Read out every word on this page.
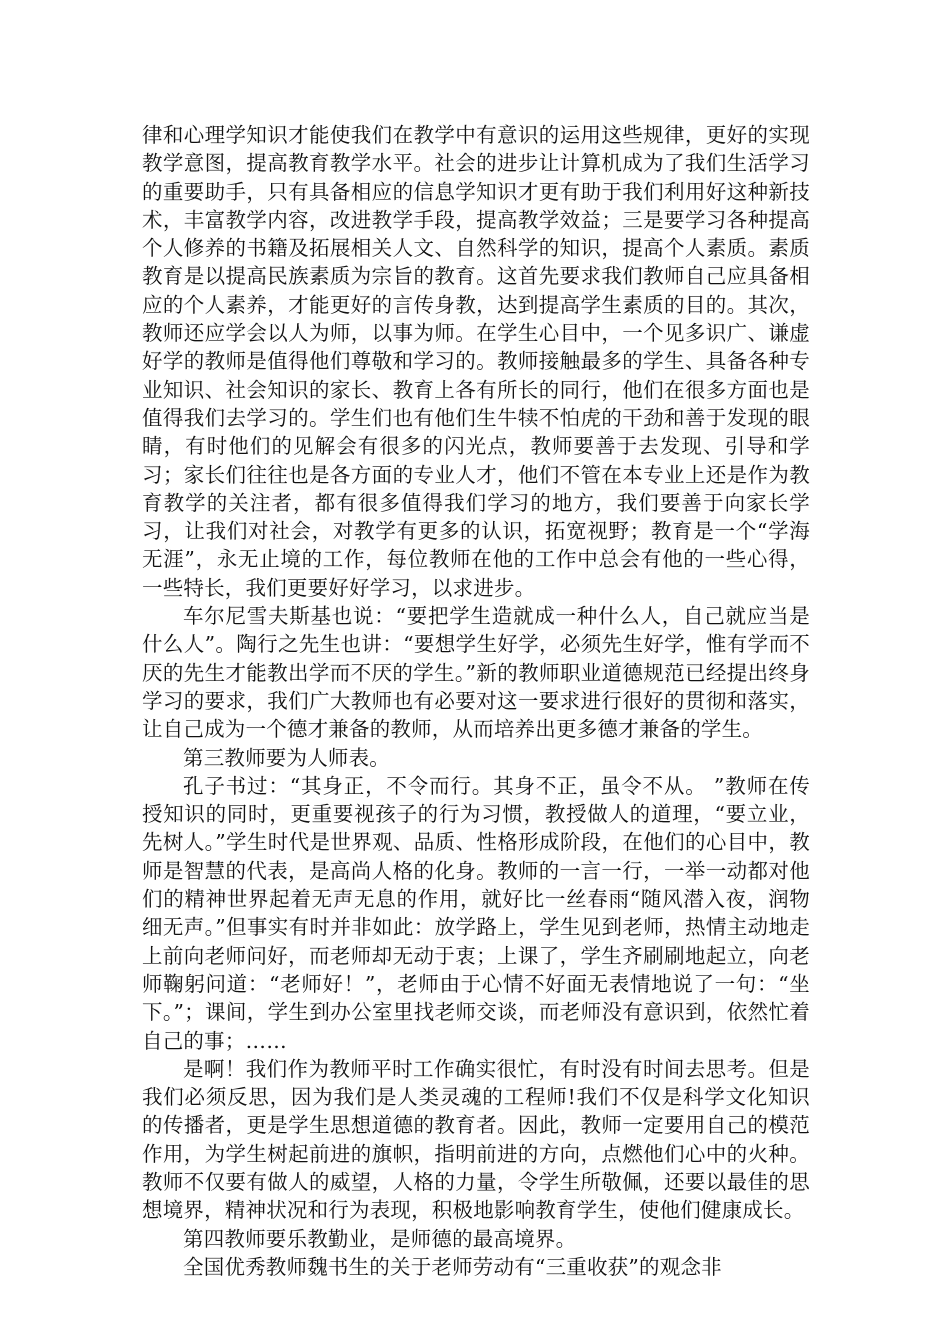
律和心理学知识才能使我们在教学中有意识的运用这些规律，更好的实现教学意图，提高教育教学水平。社会的进步让计算机成为了我们生活学习的重要助手，只有具备相应的信息学知识才更有助于我们利用好这种新技术，丰富教学内容，改进教学手段，提高教学效益；三是要学习各种提高个人修养的书籍及拓展相关人文、自然科学的知识，提高个人素质。素质教育是以提高民族素质为宗旨的教育。这首先要求我们教师自己应具备相应的个人素养，才能更好的言传身教，达到提高学生素质的目的。其次，教师还应学会以人为师，以事为师。在学生心目中，一个见多识广、谦虚好学的教师是值得他们尊敬和学习的。教师接触最多的学生、具备各种专业知识、社会知识的家长、教育上各有所长的同行，他们在很多方面也是值得我们去学习的。学生们也有他们生牛犊不怕虎的干劲和善于发现的眼睛，有时他们的见解会有很多的闪光点，教师要善于去发现、引导和学习；家长们往往也是各方面的专业人才，他们不管在本专业上还是作为教育教学的关注者，都有很多值得我们学习的地方，我们要善于向家长学习，让我们对社会，对教学有更多的认识，拓宽视野；教育是一个“学海无涯”，永无止境的工作，每位教师在他的工作中总会有他的一些心得，一些特长，我们更要好好学习，以求进步。

车尔尼雪夫斯基也说：“要把学生造就成一种什么人，自己就应当是什么人”。陶行之先生也讲：“要想学生好学，必须先生好学，惟有学而不厌的先生才能教出学而不厌的学生。”新的教师职业道德规范已经提出终身学习的要求，我们广大教师也有必要对这一要求进行很好的贯彻和落实，让自己成为一个德才兼备的教师，从而培养出更多德才兼备的学生。

第三教师要为人师表。

孔子书过：“其身正，不令而行。其身不正，虽令不从。 ”教师在传授知识的同时，更重要视孩子的行为习惯，教授做人的道理，“要立业，先树人。”学生时代是世界观、品质、性格形成阶段，在他们的心目中，教师是智慧的代表，是高尚人格的化身。教师的一言一行，一举一动都对他们的精神世界起着无声无息的作用，就好比一丝春雨“随风潜入夜，润物细无声。”但事实有时并非如此：放学路上，学生见到老师，热情主动地走上前向老师问好，而老师却无动于衷；上课了，学生齐刷刷地起立，向老师鞠躬问道：“老师好！”，老师由于心情不好面无表情地说了一句：“坐下。”；课间，学生到办公室里找老师交谈，而老师没有意识到，依然忙着自己的事；……

是啊！我们作为教师平时工作确实很忙，有时没有时间去思考。但是我们必须反思，因为我们是人类灵魂的工程师!我们不仅是科学文化知识的传播者，更是学生思想道德的教育者。因此，教师一定要用自己的模范作用，为学生树起前进的旗帜，指明前进的方向，点燃他们心中的火种。教师不仅要有做人的威望，人格的力量，令学生所敬佩，还要以最佳的思想境界，精神状况和行为表现，积极地影响教育学生，使他们健康成长。

第四教师要乐教勤业，是师德的最高境界。

全国优秀教师魏书生的关于老师劳动有“三重收获”的观念非
